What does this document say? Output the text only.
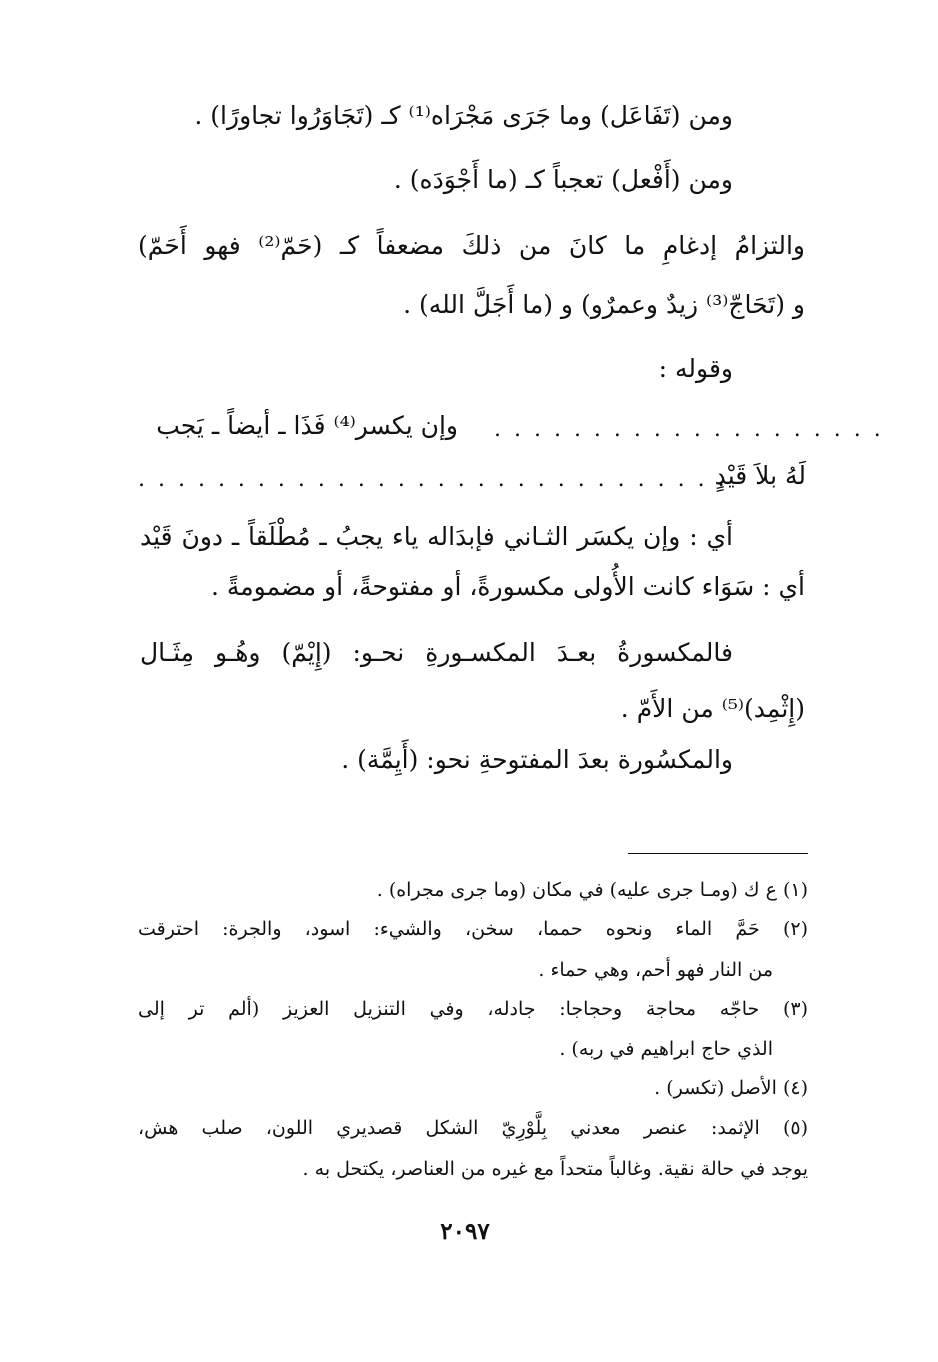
ومن (تَفَاعَل) وما جَرَى مَجْرَاه⁽¹⁾ كـ (تَجَاوَرُوا تجاورًا) .
ومن (أَفْعل) تعجباً كـ (ما أَجْوَدَه) .
والتزامُ إدغامِ ما كانَ من ذلكَ مضعفاً كـ (حَمّ⁽²⁾ فهو أَحَمّ)
و (تَحَاجّ⁽³⁾ زيدٌ وعمرٌو) و (ما أَجَلَّ الله) .
وقوله :
وإن يكسر⁽⁴⁾ فَذَا ـ أيضاً ـ يَجب . . . . . . . . . . . . . . . . . . . .
لَهُ بلاَ قَيْدٍ
. . . . . . . . . . . . . . . . . . . . . . . . . . . . . .
أي : وإن يكسَر الثـاني فإبدَاله ياء يجبُ ـ مُطْلَقاً ـ دونَ قَيْد
أي : سَوَاء كانت الأُولى مكسورةً، أو مفتوحةً، أو مضمومةً .
فالمكسورةُ بعـدَ المكسـورةِ نحـو: (إِيْمّ) وهُـو مِثَـال
(إِثْمِد)⁽⁵⁾ من الأَمّ .
والمكسُورة بعدَ المفتوحةِ نحو: (أَيِمَّة) .
(١) ع ك (ومـا جرى عليه) في مكان (وما جرى مجراه) .
(٢) حَمَّ الماء ونحوه حمما، سخن، والشيء: اسود، والجرة: احترقت
من النار فهو أحم، وهي حماء .
(٣) حاجّه محاجة وحجاجا: جادله، وفي التنزيل العزيز (ألم تر إلى
الذي حاج ابراهيم في ربه) .
(٤) الأصل (تكسر) .
(٥) الإثمد: عنصر معدني بِلَّوْرِيّ الشكل قصديري اللون، صلب هش،
يوجد في حالة نقية. وغالباً متحداً مع غيره من العناصر، يكتحل به .
٢٠٩٧
